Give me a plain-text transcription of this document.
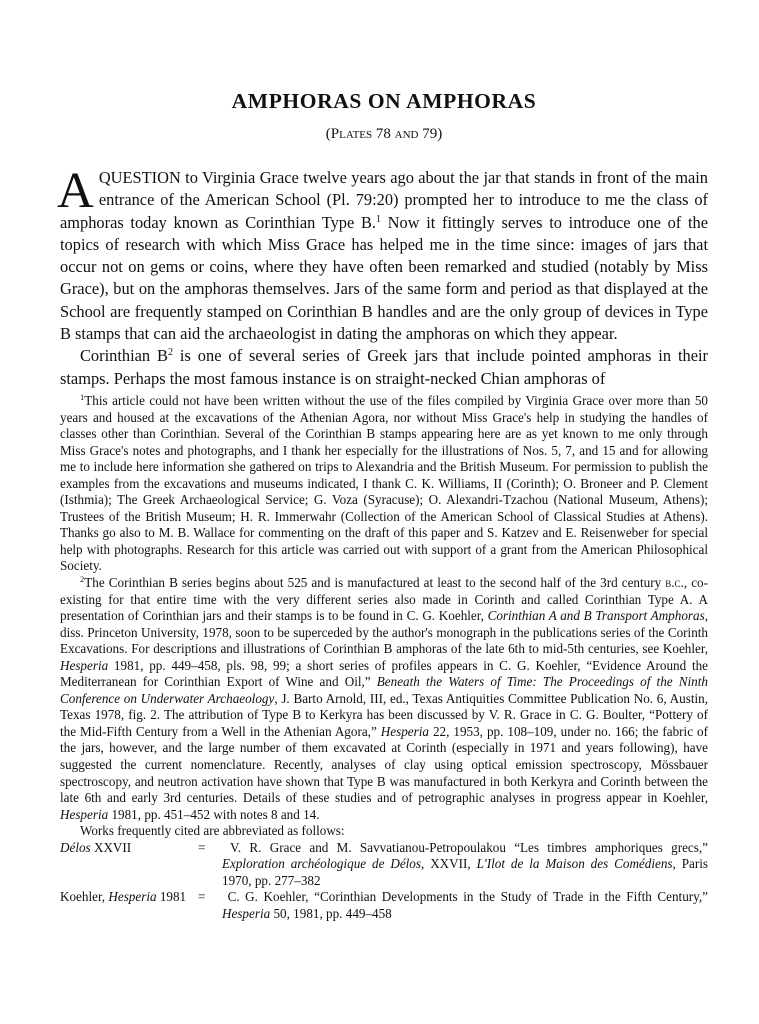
AMPHORAS ON AMPHORAS

(Plates 78 and 79)

AQUESTION to Virginia Grace twelve years ago about the jar that stands in front of the main entrance of the American School (Pl. 79:20) prompted her to introduce to me the class of amphoras today known as Corinthian Type B.$^1$ Now it fittingly serves to introduce one of the topics of research with which Miss Grace has helped me in the time since: images of jars that occur not on gems or coins, where they have often been remarked and studied (notably by Miss Grace), but on the amphoras themselves. Jars of the same form and period as that displayed at the School are frequently stamped on Corinthian B handles and are the only group of devices in Type B stamps that can aid the archaeologist in dating the amphoras on which they appear.

Corinthian $B^2$ is one of several series of Greek jars that include pointed amphoras in their stamps. Perhaps the most famous instance is on straight-necked Chian amphoras of

$^1$This article could not have been written without the use of the files compiled by Virginia Grace over more than 50 years and housed at the excavations of the Athenian Agora, nor without Miss Grace's help in studying the handles of classes other than Corinthian. Several of the Corinthian B stamps appearing here are as yet known to me only through Miss Grace's notes and photographs, and I thank her especially for the illustrations of Nos. 5, 7, and 15 and for allowing me to include here information she gathered on trips to Alexandria and the British Museum. For permission to publish the examples from the excavations and museums indicated, I thank C. K. Williams, II (Corinth); O. Broneer and P. Clement (Isthmia); The Greek Archaeological Service; G. Voza (Syracuse); O. Alexandri-Tzachou (National Museum, Athens); Trustees of the British Museum; H. R. Immerwahr (Collection of the American School of Classical Studies at Athens). Thanks go also to M. B. Wallace for commenting on the draft of this paper and S. Katzev and E. Reisenweber for special help with photographs. Research for this article was carried out with support of a grant from the American Philosophical Society.

$^2$The Corinthian B series begins about 525 and is manufactured at least to the second half of the 3rd century b.c., co-existing for that entire time with the very different series also made in Corinth and called Corinthian Type A. A presentation of Corinthian jars and their stamps is to be found in C. G. Koehler, Corinthian A and B Transport Amphoras, diss. Princeton University, 1978, soon to be superceded by the author's monograph in the publications series of the Corinth Excavations. For descriptions and illustrations of Corinthian B amphoras of the late 6th to mid-5th centuries, see Koehler, Hesperia 1981, pp. 449–458, pls. 98, 99; a short series of profiles appears in C. G. Koehler, “Evidence Around the Mediterranean for Corinthian Export of Wine and Oil,” Beneath the Waters of Time: The Proceedings of the Ninth Conference on Underwater Archaeology, J. Barto Arnold, III, ed., Texas Antiquities Committee Publication No. 6, Austin, Texas 1978, fig. 2. The attribution of Type B to Kerkyra has been discussed by V. R. Grace in C. G. Boulter, “Pottery of the Mid-Fifth Century from a Well in the Athenian Agora,” Hesperia 22, 1953, pp. 108–109, under no. 166; the fabric of the jars, however, and the large number of them excavated at Corinth (especially in 1971 and years following), have suggested the current nomenclature. Recently, analyses of clay using optical emission spectroscopy, Mössbauer spectroscopy, and neutron activation have shown that Type B was manufactured in both Kerkyra and Corinth between the late 6th and early 3rd centuries. Details of these studies and of petrographic analyses in progress appear in Koehler, Hesperia 1981, pp. 451–452 with notes 8 and 14.

Works frequently cited are abbreviated as follows:

Délos XXVII	= V. R. Grace and M. Savvatianou-Petropoulakou “Les timbres amphoriques grecs,” Exploration archéologique de Délos, XXVII, L'Ilot de la Maison des Comédiens, Paris 1970, pp. 277–382
Koehler, Hesperia 1981 = C. G. Koehler, “Corinthian Developments in the Study of Trade in the Fifth Century,” Hesperia 50, 1981, pp. 449–458
